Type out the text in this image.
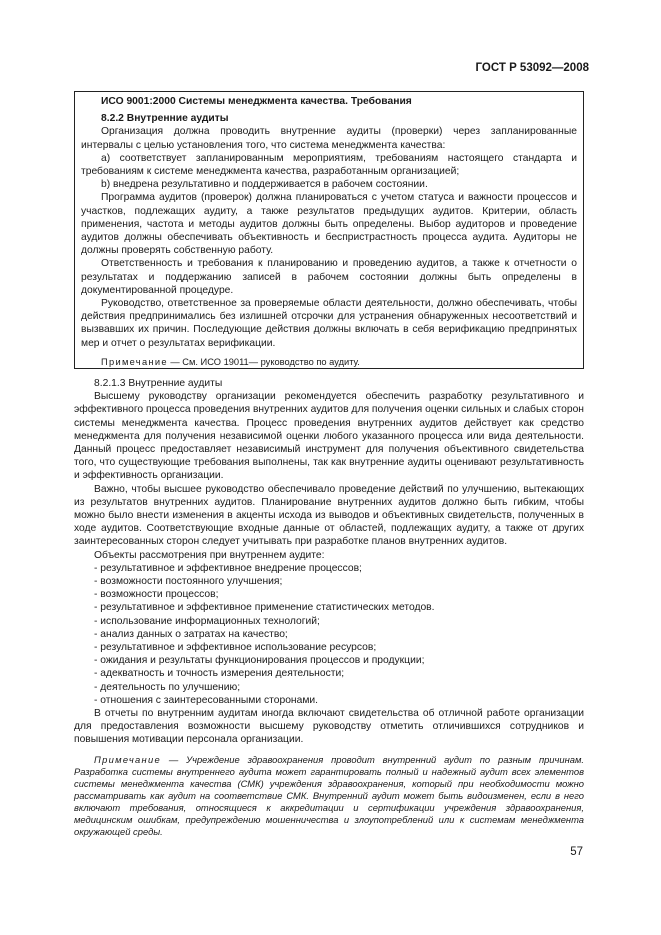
ГОСТ Р 53092—2008

ИСО 9001:2000 Системы менеджмента качества. Требования

8.2.2 Внутренние аудиты

Организация должна проводить внутренние аудиты (проверки) через запланированные интервалы с целью установления того, что система менеджмента качества:

a) соответствует запланированным мероприятиям, требованиям настоящего стандарта и требованиям к системе менеджмента качества, разработанным организацией;

b) внедрена результативно и поддерживается в рабочем состоянии.

Программа аудитов (проверок) должна планироваться с учетом статуса и важности процессов и участков, подлежащих аудиту, а также результатов предыдущих аудитов. Критерии, область применения, частота и методы аудитов должны быть определены. Выбор аудиторов и проведение аудитов должны обеспечивать объективность и беспристрастность процесса аудита. Аудиторы не должны проверять собственную работу.

Ответственность и требования к планированию и проведению аудитов, а также к отчетности о результатах и поддержанию записей в рабочем состоянии должны быть определены в документированной процедуре.

Руководство, ответственное за проверяемые области деятельности, должно обеспечивать, чтобы действия предпринимались без излишней отсрочки для устранения обнаруженных несоответствий и вызвавших их причин. Последующие действия должны включать в себя верификацию предпринятых мер и отчет о результатах верификации.

Примечание — См. ИСО 19011— руководство по аудиту.

8.2.1.3 Внутренние аудиты

Высшему руководству организации рекомендуется обеспечить разработку результативного и эффективного процесса проведения внутренних аудитов для получения оценки сильных и слабых сторон системы менеджмента качества. Процесс проведения внутренних аудитов действует как средство менеджмента для получения независимой оценки любого указанного процесса или вида деятельности. Данный процесс предоставляет независимый инструмент для получения объективного свидетельства того, что существующие требования выполнены, так как внутренние аудиты оценивают результативность и эффективность организации.

Важно, чтобы высшее руководство обеспечивало проведение действий по улучшению, вытекающих из результатов внутренних аудитов. Планирование внутренних аудитов должно быть гибким, чтобы можно было внести изменения в акценты исхода из выводов и объективных свидетельств, полученных в ходе аудитов. Соответствующие входные данные от областей, подлежащих аудиту, а также от других заинтересованных сторон следует учитывать при разработке планов внутренних аудитов.

Объекты рассмотрения при внутреннем аудите:

- результативное и эффективное внедрение процессов;

- возможности постоянного улучшения;

- возможности процессов;

- результативное и эффективное применение статистических методов.

- использование информационных технологий;

- анализ данных о затратах на качество;

- результативное и эффективное использование ресурсов;

- ожидания и результаты функционирования процессов и продукции;

- адекватность и точность измерения деятельности;

- деятельность по улучшению;

- отношения с заинтересованными сторонами.

В отчеты по внутренним аудитам иногда включают свидетельства об отличной работе организации для предоставления возможности высшему руководству отметить отличившихся сотрудников и повышения мотивации персонала организации.

Примечание — Учреждение здравоохранения проводит внутренний аудит по разным причинам. Разработка системы внутреннего аудита может гарантировать полный и надежный аудит всех элементов системы менеджмента качества (СМК) учреждения здравоохранения, который при необходимости можно рассматривать как аудит на соответствие СМК. Внутренний аудит может быть видоизменен, если в него включают требования, относящиеся к аккредитации и сертификации учреждения здравоохранения, медицинским ошибкам, предупреждению мошенничества и злоупотреблений или к системам менеджмента окружающей среды.

57
